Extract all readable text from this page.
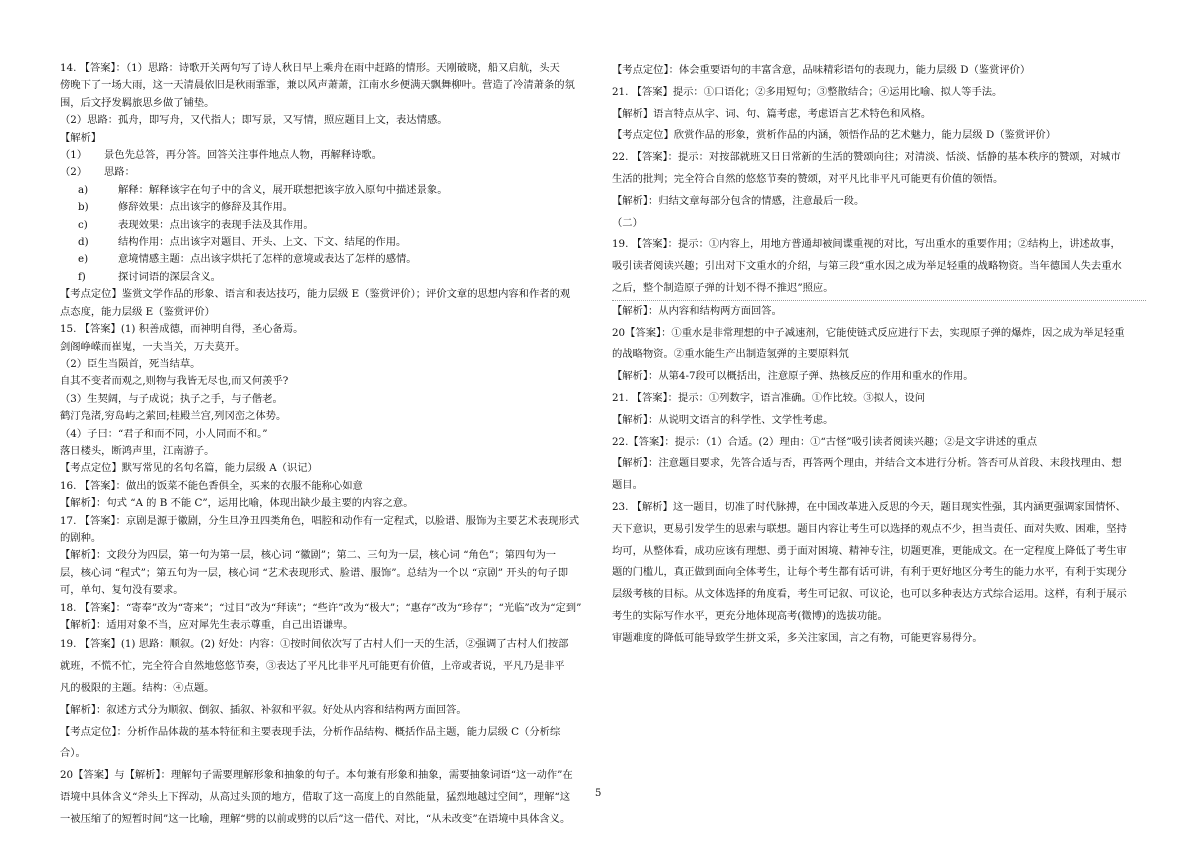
14. 【答案】：（1）思路：诗歌开关两句写了诗人秋日早上乘舟在雨中赶路的情形。天刚破晓，船又启航，头天
傍晚下了一场大雨，这一天清晨依旧是秋雨霏霏，兼以风声萧萧，江南水乡便满天飘舞柳叶。营造了冷清萧条的氛
围，后文抒发羁旅思乡做了铺垫。
（2）思路：孤舟，即写舟，又代指人；即写景，又写情，照应题目上文，表达情感。
【解析】
（1）	景色先总答，再分答。回答关注事件地点人物，再解释诗歌。
（2）	思路：
a)	解释：解释该字在句子中的含义，展开联想把该字放入原句中描述景象。
b)	修辞效果：点出该字的修辞及其作用。
c)	表现效果：点出该字的表现手法及其作用。
d)	结构作用：点出该字对题目、开头、上文、下文、结尾的作用。
e)	意境情感主题：点出该字烘托了怎样的意境或表达了怎样的感情。
f)	探讨词语的深层含义。
【考点定位】鉴赏文学作品的形象、语言和表达技巧，能力层级 E（鉴赏评价）；评价文章的思想内容和作者的观
点态度，能力层级 E（鉴赏评价）
15. 【答案】(1) 积善成德，而神明自得，圣心备焉。
剑阁峥嵘而崔嵬，一夫当关，万夫莫开。
（2）臣生当陨首，死当结草。
自其不变者而观之,则物与我皆无尽也,而又何羡乎?
（3）生契阔，与子成说；执子之手，与子偕老。
鹤汀凫渚,穷岛屿之萦回;桂殿兰宫,列冈峦之体势。
（4）子曰：“君子和而不同，小人同而不和。”
落日楼头，断鸿声里，江南游子。
【考点定位】默写常见的名句名篇，能力层级 A（识记）
16. 【答案】：做出的饭菜不能色香俱全，买来的衣服不能称心如意
【解析】：句式 “A 的 B 不能 C”，运用比喻，体现出缺少最主要的内容之意。
17. 【答案】：京剧是源于徽剧，分生旦净丑四类角色，唱腔和动作有一定程式，以脸谱、服饰为主要艺术表现形式
的剧种。
【解析】：文段分为四层，第一句为第一层，核心词 “徽剧”；第二、三句为一层，核心词 “角色”；第四句为一
层，核心词 “程式”；第五句为一层，核心词 “艺术表现形式、脸谱、服饰”。总结为一个以 “京剧” 开头的句子即
可，单句、复句没有要求。
18. 【答案】：“寄奉”改为“寄来”；“过目”改为“拜读”；“些许”改为“极大”；“惠存”改为“珍存”；“光临”改为“定到”
【解析】：适用对象不当，应对犀先生表示尊重，自己出语谦卑。
19. 【答案】(1) 思路：顺叙。(2) 好处：内容：①按时间依次写了古村人们一天的生活，②强调了古村人们按部
就班，不慌不忙，完全符合自然地悠悠节奏，③表达了平凡比非平凡可能更有价值，上帝或者说，平凡乃是非平
凡的极限的主题。结构：④点题。
【解析】：叙述方式分为顺叙、倒叙、插叙、补叙和平叙。好处从内容和结构两方面回答。
【考点定位】：分析作品体裁的基本特征和主要表现手法，分析作品结构、概括作品主题，能力层级 C（分析综
合）。
20【答案】与【解析】：理解句子需要理解形象和抽象的句子。本句兼有形象和抽象，需要抽象词语“这一动作”在
语境中具体含义“斧头上下挥动，从高过头顶的地方，借取了这一高度上的自然能量，猛烈地越过空间”，理解“这
一被压缩了的短暂时间”这一比喻，理解“劈的以前或劈的以后”这一借代、对比，“从未改变”在语境中具体含义。
【考点定位】：体会重要语句的丰富含意，品味精彩语句的表现力，能力层级 D（鉴赏评价）
21. 【答案】提示：①口语化；②多用短句；③整散结合；④运用比喻、拟人等手法。
【解析】语言特点从字、词、句、篇考虑，考虑语言艺术特色和风格。
【考点定位】欣赏作品的形象，赏析作品的内涵，领悟作品的艺术魅力，能力层级 D（鉴赏评价）
22. 【答案】：提示：对按部就班又日日常新的生活的赞颂向往；对清淡、恬淡、恬静的基本秩序的赞颂，对城市
生活的批判；完全符合自然的悠悠节奏的赞颂，对平凡比非平凡可能更有价值的领悟。
【解析】：归结文章每部分包含的情感，注意最后一段。
（二）
19. 【答案】：提示：①内容上，用地方普通却被间谍重视的对比，写出重水的重要作用；②结构上，讲述故事，
吸引读者阅读兴趣；引出对下文重水的介绍，与第三段“重水因之成为举足轻重的战略物资。当年德国人失去重水
之后，整个制造原子弹的计划不得不推迟”照应。
【解析】：从内容和结构两方面回答。
20【答案】：①重水是非常理想的中子减速剂，它能使链式反应进行下去，实现原子弹的爆炸，因之成为举足轻重
的战略物资。②重水能生产出制造氢弹的主要原料氘
【解析】：从第4-7段可以概括出，注意原子弹、热核反应的作用和重水的作用。
21. 【答案】：提示：①列数字，语言准确。①作比较。③拟人，设问
【解析】：从说明文语言的科学性、文学性考虑。
22.【答案】：提示：（1）合适。(2）理由：①“古怪”吸引读者阅读兴趣；②是文字讲述的重点
【解析】：注意题目要求，先答合适与否，再答两个理由，并结合文本进行分析。答否可从首段、末段找理由、想
题目。
23. 【解析】这一题目，切准了时代脉搏，在中国改革进入反思的今天，题目现实性强，其内涵更强调家国情怀、
天下意识，更易引发学生的思索与联想。题目内容让考生可以选择的观点不少，担当责任、面对失败、困难，坚持
均可，从整体看，成功应该有理想、勇于面对困境、精神专注，切题更准，更能成文。在一定程度上降低了考生审
题的门槛儿，真正做到面向全体考生，让每个考生都有话可讲，有利于更好地区分考生的能力水平，有利于实现分
层级考核的目标。从文体选择的角度看，考生可记叙、可议论，也可以多种表达方式综合运用。这样，有利于展示
考生的实际写作水平，更充分地体现高考(微博)的选拔功能。
审题难度的降低可能导致学生拼文采，多关注家国，言之有物，可能更容易得分。
5
